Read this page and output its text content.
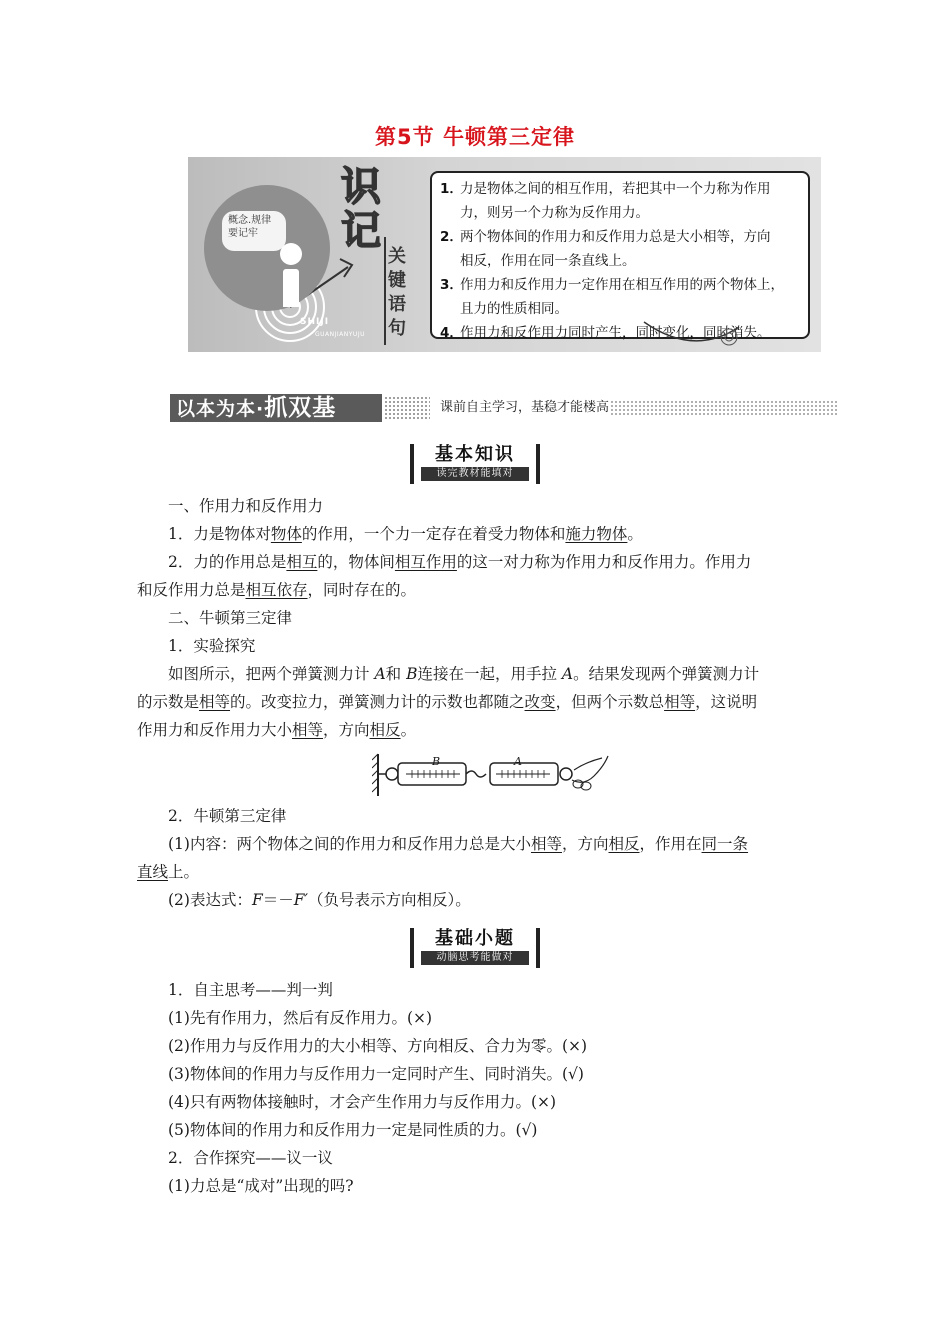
第5节 牛顿第三定律
概念.规律
要记牢
识
记
关
键
语
句
SHIJI
GUANJIANYUJU
1．
力是物体之间的相互作用，若把其中一个力称为作用
力，则另一个力称为反作用力。
2．
两个物体间的作用力和反作用力总是大小相等，方向
相反，作用在同一条直线上。
3．
作用力和反作用力一定作用在相互作用的两个物体上，
且力的性质相同。
4．
作用力和反作用力同时产生，同时变化，同时消失。
以本为本·抓双基	课前自主学习，基稳才能楼高
基本知识
读完教材能填对
一、作用力和反作用力
1．力是物体对物体的作用，一个力一定存在着受力物体和施力物体。
2．力的作用总是相互的，物体间相互作用的这一对力称为作用力和反作用力。作用力
和反作用力总是相互依存，同时存在的。
二、牛顿第三定律
1．实验探究
如图所示，把两个弹簧测力计 A和 B连接在一起，用手拉 A。结果发现两个弹簧测力计
的示数是相等的。改变拉力，弹簧测力计的示数也都随之改变，但两个示数总相等，这说明
作用力和反作用力大小相等，方向相反。
B	A
2．牛顿第三定律
(1)内容：两个物体之间的作用力和反作用力总是大小相等，方向相反，作用在同一条
直线上。
(2)表达式：F＝－F′（负号表示方向相反）。
基础小题
动脑思考能做对
1．自主思考——判一判
(1)先有作用力，然后有反作用力。(×)
(2)作用力与反作用力的大小相等、方向相反、合力为零。(×)
(3)物体间的作用力与反作用力一定同时产生、同时消失。(√)
(4)只有两物体接触时，才会产生作用力与反作用力。(×)
(5)物体间的作用力和反作用力一定是同性质的力。(√)
2．合作探究——议一议
(1)力总是“成对”出现的吗?
